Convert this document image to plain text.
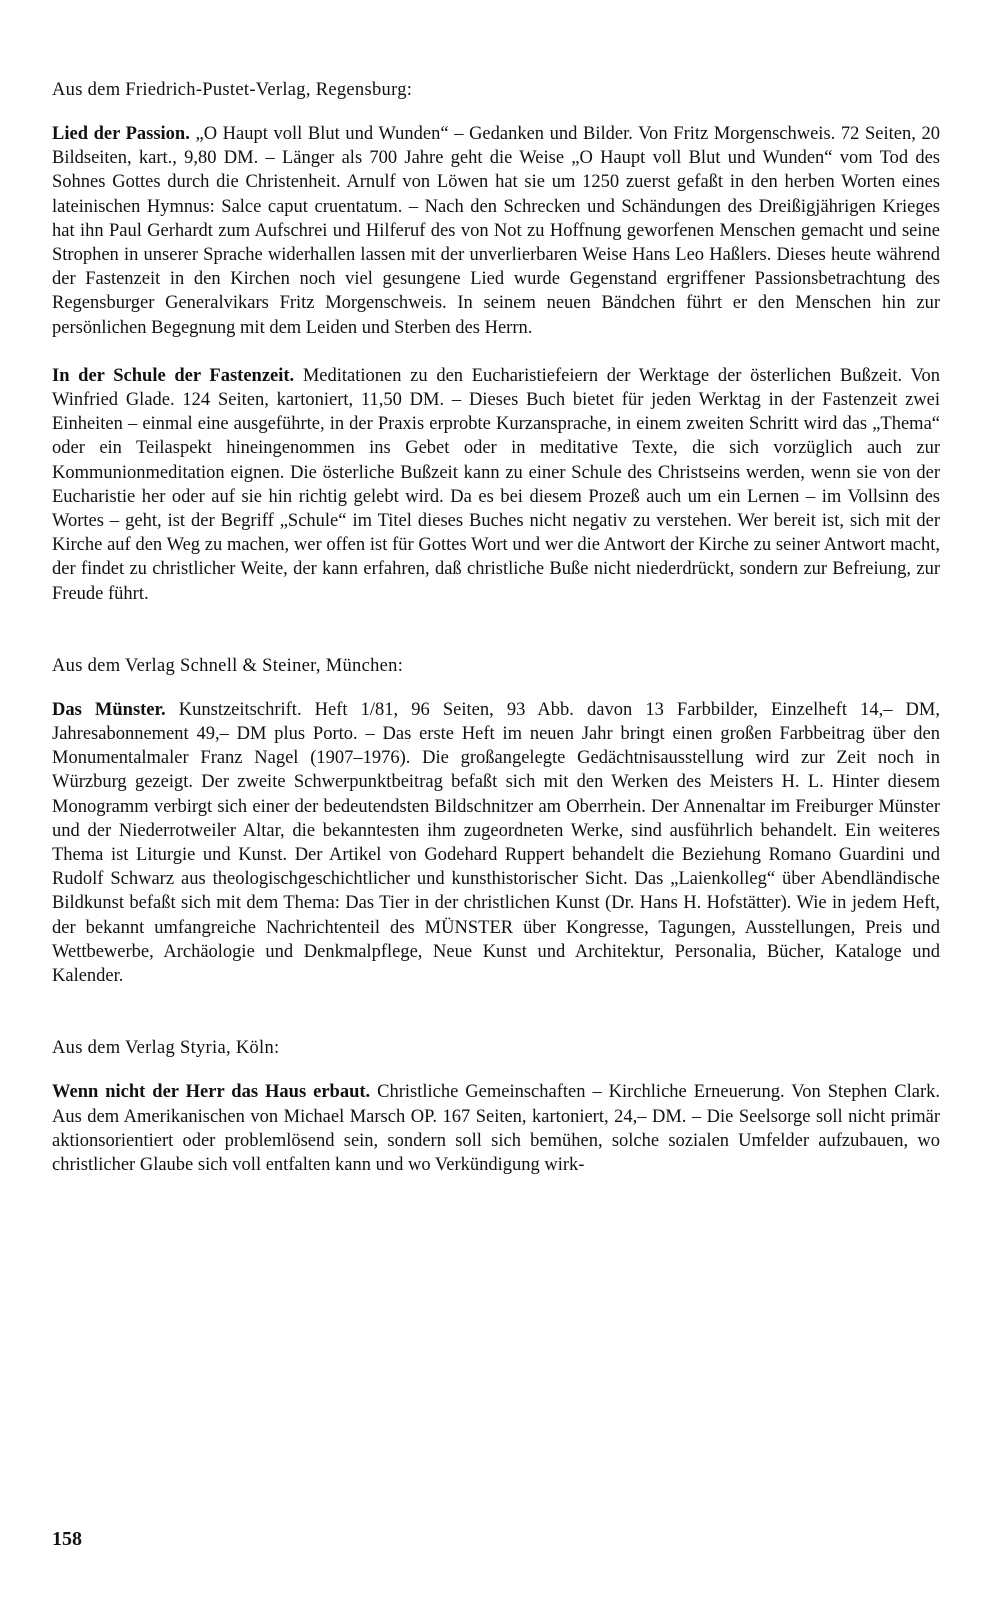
Aus dem Friedrich-Pustet-Verlag, Regensburg:

Lied der Passion. „O Haupt voll Blut und Wunden“ – Gedanken und Bilder. Von Fritz Morgenschweis. 72 Seiten, 20 Bildseiten, kart., 9,80 DM. – Länger als 700 Jahre geht die Weise „O Haupt voll Blut und Wunden“ vom Tod des Sohnes Gottes durch die Christenheit. Arnulf von Löwen hat sie um 1250 zuerst gefaßt in den herben Worten eines lateinischen Hymnus: Salce caput cruentatum. – Nach den Schrecken und Schändungen des Dreißigjährigen Krieges hat ihn Paul Gerhardt zum Aufschrei und Hilferuf des von Not zu Hoffnung geworfenen Menschen gemacht und seine Strophen in unserer Sprache widerhallen lassen mit der unverlierbaren Weise Hans Leo Haßlers. Dieses heute während der Fastenzeit in den Kirchen noch viel gesungene Lied wurde Gegenstand ergriffener Passionsbetrachtung des Regensburger Generalvikars Fritz Morgenschweis. In seinem neuen Bändchen führt er den Menschen hin zur persönlichen Begegnung mit dem Leiden und Sterben des Herrn.

In der Schule der Fastenzeit. Meditationen zu den Eucharistiefeiern der Werktage der österlichen Bußzeit. Von Winfried Glade. 124 Seiten, kartoniert, 11,50 DM. – Dieses Buch bietet für jeden Werktag in der Fastenzeit zwei Einheiten – einmal eine ausgeführte, in der Praxis erprobte Kurzansprache, in einem zweiten Schritt wird das „Thema“ oder ein Teilaspekt hineingenommen ins Gebet oder in meditative Texte, die sich vorzüglich auch zur Kommunionmeditation eignen. Die österliche Bußzeit kann zu einer Schule des Christseins werden, wenn sie von der Eucharistie her oder auf sie hin richtig gelebt wird. Da es bei diesem Prozeß auch um ein Lernen – im Vollsinn des Wortes – geht, ist der Begriff „Schule“ im Titel dieses Buches nicht negativ zu verstehen. Wer bereit ist, sich mit der Kirche auf den Weg zu machen, wer offen ist für Gottes Wort und wer die Antwort der Kirche zu seiner Antwort macht, der findet zu christlicher Weite, der kann erfahren, daß christliche Buße nicht niederdrückt, sondern zur Befreiung, zur Freude führt.

Aus dem Verlag Schnell & Steiner, München:

Das Münster. Kunstzeitschrift. Heft 1/81, 96 Seiten, 93 Abb. davon 13 Farbbilder, Einzelheft 14,– DM, Jahresabonnement 49,– DM plus Porto. – Das erste Heft im neuen Jahr bringt einen großen Farbbeitrag über den Monumentalmaler Franz Nagel (1907–1976). Die großangelegte Gedächtnisausstellung wird zur Zeit noch in Würzburg gezeigt. Der zweite Schwerpunktbeitrag befaßt sich mit den Werken des Meisters H. L. Hinter diesem Monogramm verbirgt sich einer der bedeutendsten Bildschnitzer am Oberrhein. Der Annenaltar im Freiburger Münster und der Niederrotweiler Altar, die bekanntesten ihm zugeordneten Werke, sind ausführlich behandelt. Ein weiteres Thema ist Liturgie und Kunst. Der Artikel von Godehard Ruppert behandelt die Beziehung Romano Guardini und Rudolf Schwarz aus theologischgeschichtlicher und kunsthistorischer Sicht. Das „Laienkolleg“ über Abendländische Bildkunst befaßt sich mit dem Thema: Das Tier in der christlichen Kunst (Dr. Hans H. Hofstätter). Wie in jedem Heft, der bekannt umfangreiche Nachrichtenteil des MÜNSTER über Kongresse, Tagungen, Ausstellungen, Preis und Wettbewerbe, Archäologie und Denkmalpflege, Neue Kunst und Architektur, Personalia, Bücher, Kataloge und Kalender.

Aus dem Verlag Styria, Köln:

Wenn nicht der Herr das Haus erbaut. Christliche Gemeinschaften – Kirchliche Erneuerung. Von Stephen Clark. Aus dem Amerikanischen von Michael Marsch OP. 167 Seiten, kartoniert, 24,– DM. – Die Seelsorge soll nicht primär aktionsorientiert oder problemlösend sein, sondern soll sich bemühen, solche sozialen Umfelder aufzubauen, wo christlicher Glaube sich voll entfalten kann und wo Verkündigung wirk-

158
